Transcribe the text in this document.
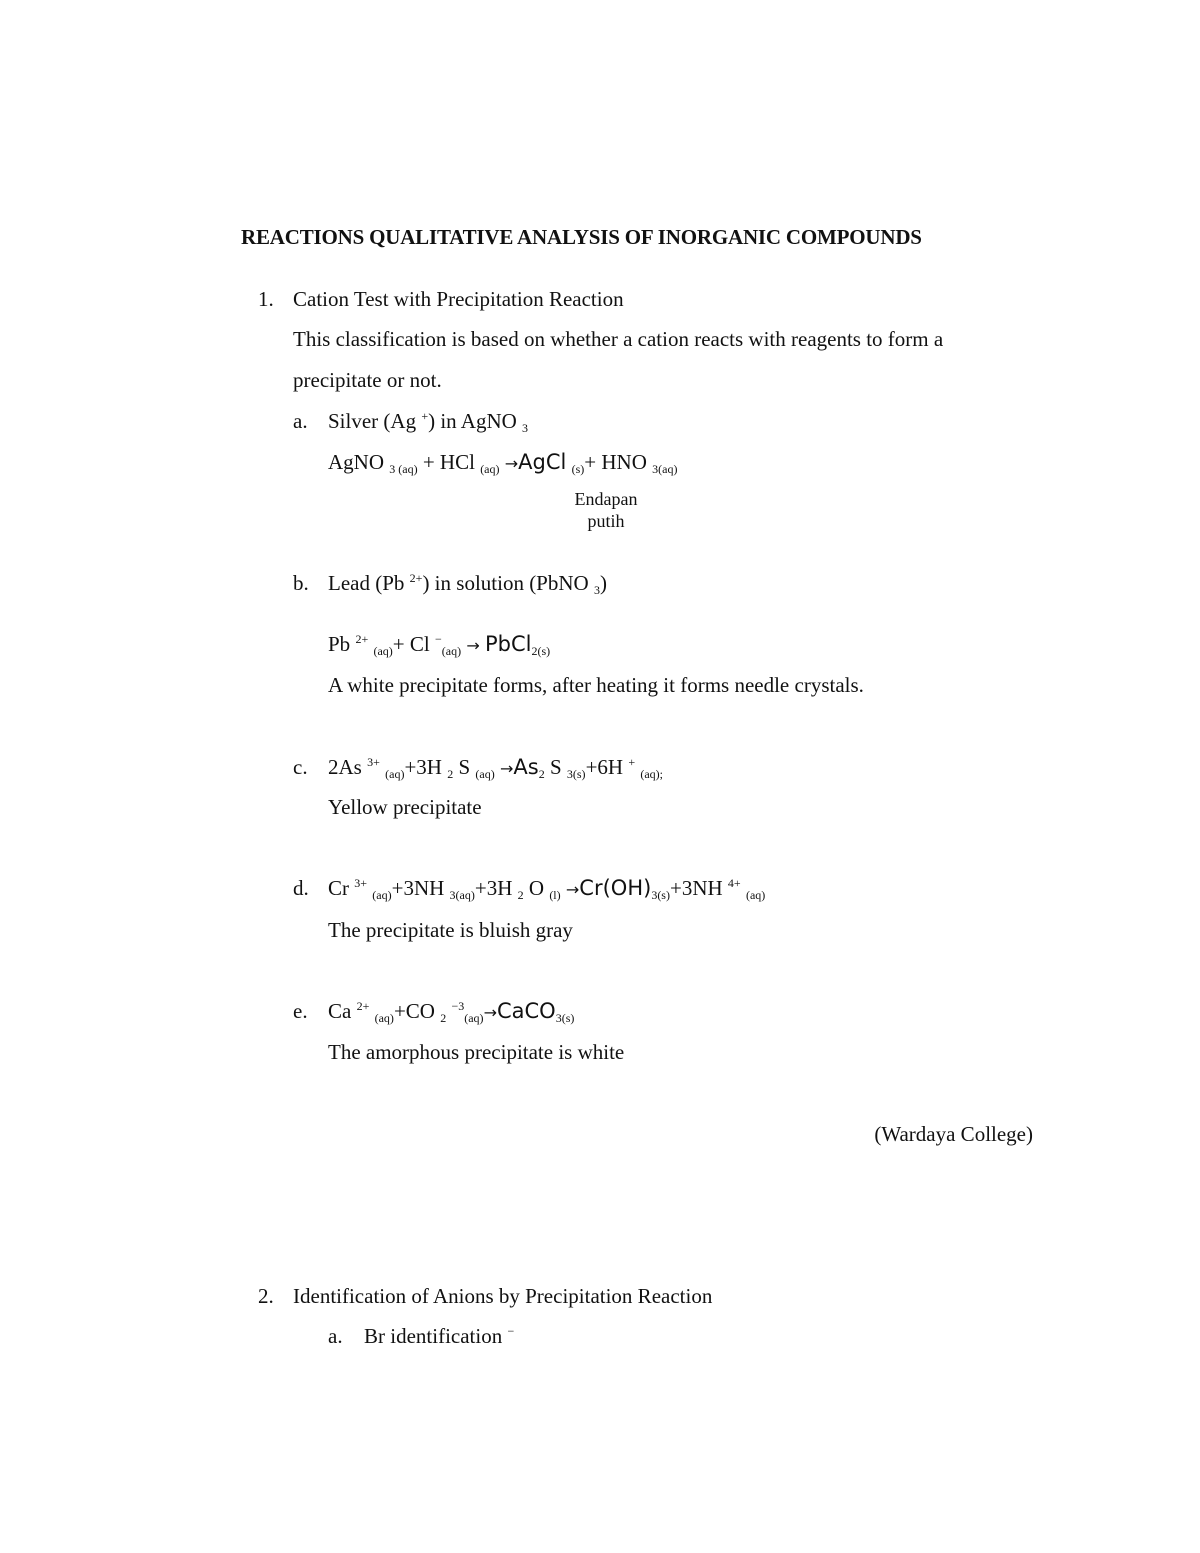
REACTIONS QUALITATIVE ANALYSIS OF INORGANIC COMPOUNDS
1. Cation Test with Precipitation Reaction
This classification is based on whether a cation reacts with reagents to form a
precipitate or not.
a. Silver (Ag +) in AgNO 3
AgNO 3 (aq) + HCl (aq) →AgCl (s)+ HNO 3(aq)
Endapan
putih
b. Lead (Pb $^{2+}$) in solution (PbNO 3)
Pb $^{2+}$ (aq)+ Cl −(aq) → PbCl2(s)
A white precipitate forms, after heating it forms needle crystals.
c. 2As $^{3+}$ (aq)+3H 2 S (aq) →As2 S 3(s)+6H + (aq);
Yellow precipitate
d. Cr $^{3+}$ (aq)+3NH 3(aq)+3H 2 O (l) →Cr(OH)3(s)+3NH $^{4+}$ (aq)
The precipitate is bluish gray
e. Ca $^{2+}$ (aq)+CO 2 $^{-3}$(aq)→CaCO3(s)
The amorphous precipitate is white
(Wardaya College)
2. Identification of Anions by Precipitation Reaction
a. Br identification −
